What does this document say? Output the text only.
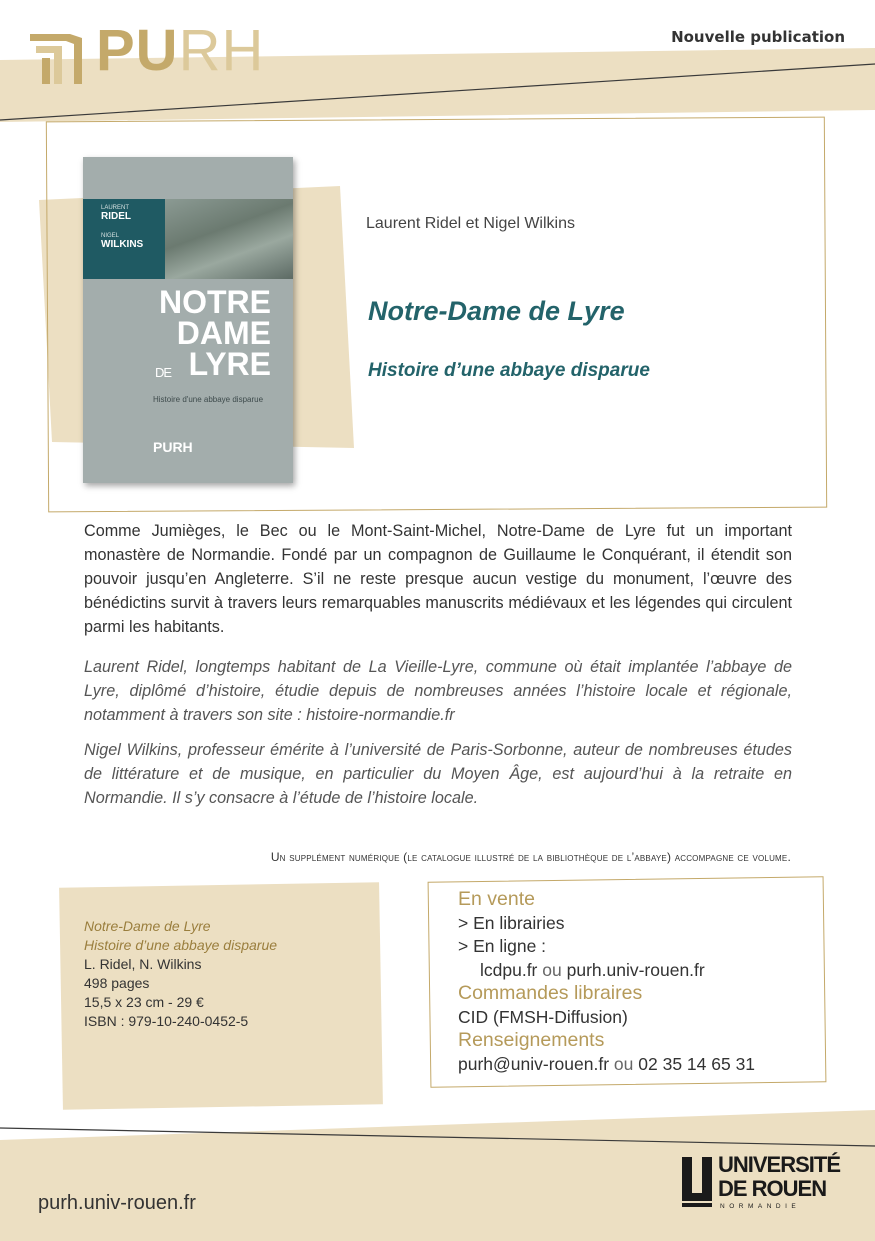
PURH	Nouvelle publication
LAURENT
RIDEL
NIGEL
WILKINS
NOTRE
DAME
DE LYRE
Histoire d'une abbaye disparue
PURH
Laurent Ridel et Nigel Wilkins
Notre-Dame de Lyre
Histoire d’une abbaye disparue
Comme Jumièges, le Bec ou le Mont-Saint-Michel, Notre-Dame de Lyre fut un important monastère de Normandie. Fondé par un compagnon de Guillaume le Conquérant, il étendit son pouvoir jusqu’en Angleterre. S’il ne reste presque aucun vestige du monument, l’œuvre des bénédictins survit à travers leurs remarquables manuscrits médiévaux et les légendes qui circulent parmi les habitants.
Laurent Ridel, longtemps habitant de La Vieille-Lyre, commune où était implantée l’abbaye de Lyre, diplômé d’histoire, étudie depuis de nombreuses années l’histoire locale et régionale, notamment à travers son site : histoire-normandie.fr
Nigel Wilkins, professeur émérite à l’université de Paris-Sorbonne, auteur de nombreuses études de littérature et de musique, en particulier du Moyen Âge, est aujourd’hui à la retraite en Normandie. Il s’y consacre à l’étude de l’histoire locale.
Un supplément numérique (le catalogue illustré de la bibliothèque de l’abbaye) accompagne ce volume.
Notre-Dame de Lyre
Histoire d’une abbaye disparue
L. Ridel, N. Wilkins
498 pages
15,5 x 23 cm - 29 €
ISBN : 979-10-240-0452-5
En vente
> En librairies
> En ligne :
lcdpu.fr ou purh.univ-rouen.fr
Commandes libraires
CID (FMSH-Diffusion)
Renseignements
purh@univ-rouen.fr ou 02 35 14 65 31
purh.univ-rouen.fr
UNIVERSITÉ
DE ROUEN
NORMANDIE
